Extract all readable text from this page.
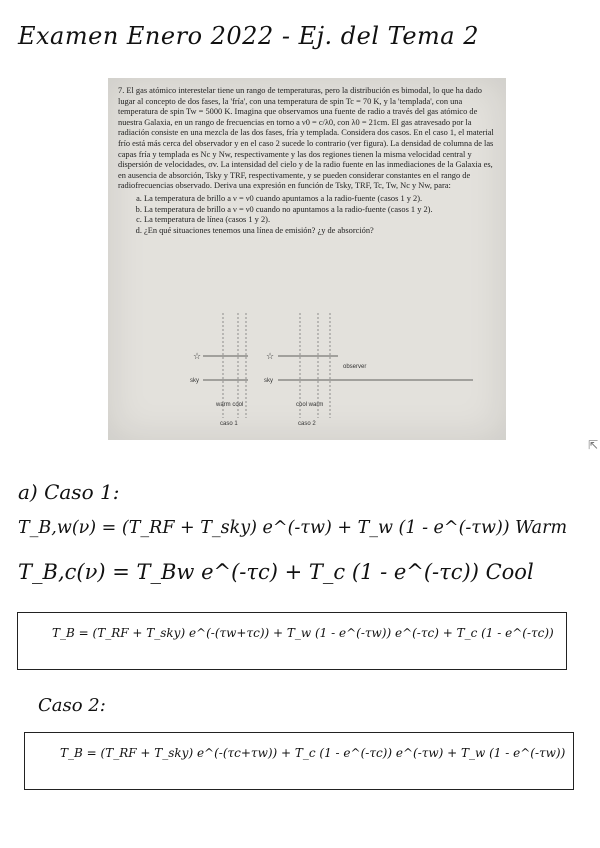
Examen Enero 2022 - Ej. del Tema 2

7. El gas atómico interestelar tiene un rango de temperaturas, pero la distribución es bimodal, lo que ha dado lugar al concepto de dos fases, la 'fría', con una temperatura de spin Tc = 70 K, y la 'templada', con una temperatura de spin Tw = 5000 K. Imagina que observamos una fuente de radio a través del gas atómico de nuestra Galaxia, en un rango de frecuencias en torno a ν0 = c/λ0, con λ0 = 21cm. El gas atravesado por la radiación consiste en una mezcla de las dos fases, fría y templada. Considera dos casos. En el caso 1, el material frío está más cerca del observador y en el caso 2 sucede lo contrario (ver figura). La densidad de columna de las capas fría y templada es Nc y Nw, respectivamente y las dos regiones tienen la misma velocidad central y dispersión de velocidades, σv. La intensidad del cielo y de la radio fuente en las inmediaciones de la Galaxia es, en ausencia de absorción, Tsky y TRF, respectivamente, y se pueden considerar constantes en el rango de radiofrecuencias observado. Deriva una expresión en función de Tsky, TRF, Tc, Tw, Nc y Nw, para:

a. La temperatura de brillo a ν = ν0 cuando apuntamos a la radio-fuente (casos 1 y 2).
b. La temperatura de brillo a ν = ν0 cuando no apuntamos a la radio-fuente (casos 1 y 2).
c. La temperatura de línea (casos 1 y 2).
d. ¿En qué situaciones tenemos una línea de emisión? ¿y de absorción?
☆	☆
sky	sky
observer
warm cool	cool warm
caso 1	caso 2
⇱
a) Caso 1:
T_B,w(ν) = (T_RF + T_sky) e^(-τw) + T_w (1 - e^(-τw)) Warm
T_B,c(ν) = T_Bw e^(-τc) + T_c (1 - e^(-τc)) Cool
T_B = (T_RF + T_sky) e^(-(τw+τc)) + T_w (1 - e^(-τw)) e^(-τc) + T_c (1 - e^(-τc))
Caso 2:
T_B = (T_RF + T_sky) e^(-(τc+τw)) + T_c (1 - e^(-τc)) e^(-τw) + T_w (1 - e^(-τw))
